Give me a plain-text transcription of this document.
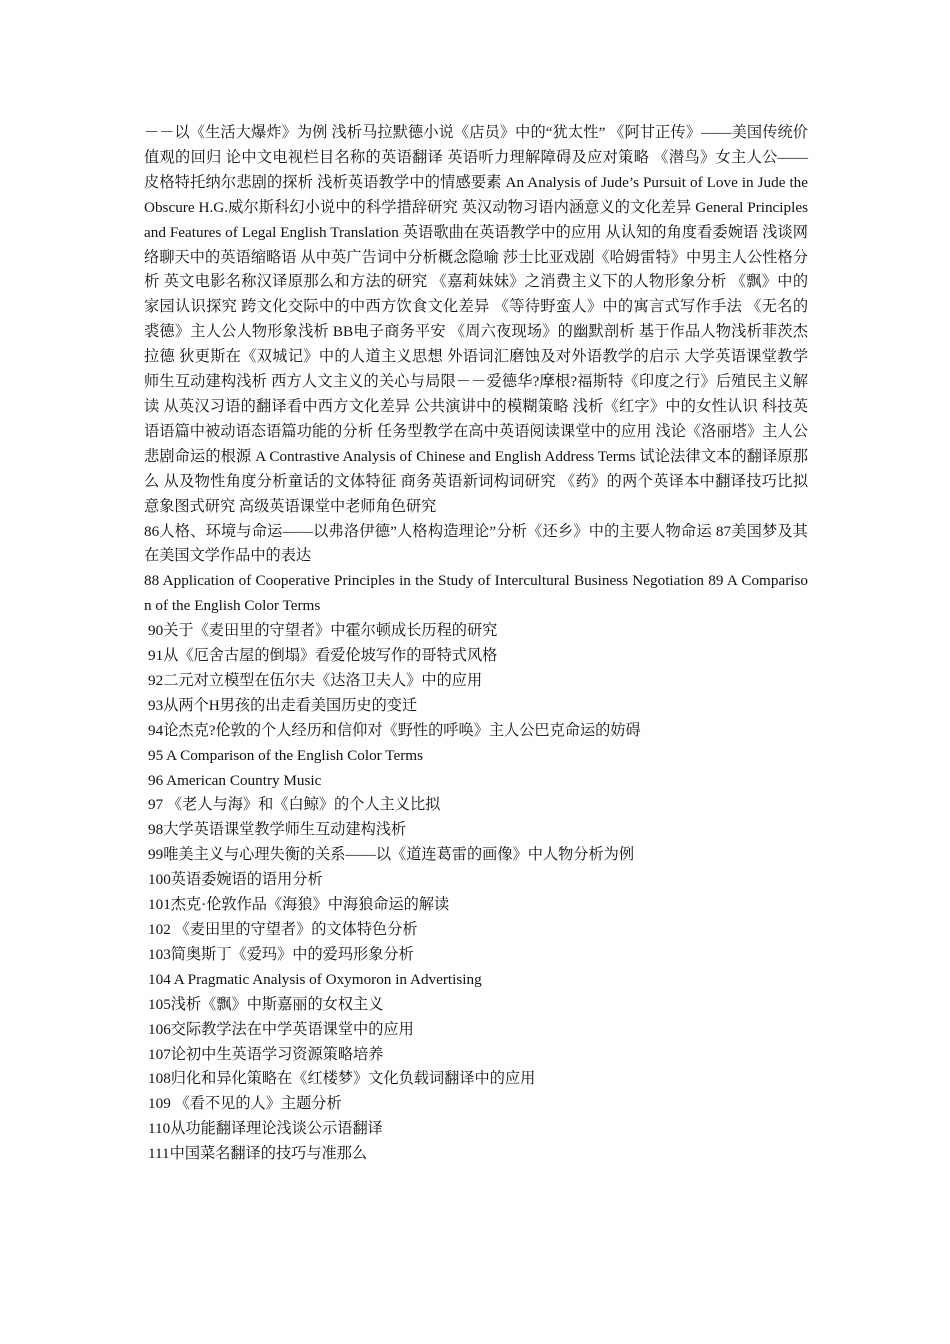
－－以《生活大爆炸》为例 浅析马拉默德小说《店员》中的“犹太性” 《阿甘正传》——美国传统价值观的回归 论中文电视栏目名称的英语翻译 英语听力理解障碍及应对策略 《潜鸟》女主人公——皮格特托纳尔悲剧的探析 浅析英语教学中的情感要素 An Analysis of Jude’s Pursuit of Love in Jude the Obscure H.G.威尔斯科幻小说中的科学措辞研究 英汉动物习语内涵意义的文化差异 General Principles and Features of Legal English Translation 英语歌曲在英语教学中的应用 从认知的角度看委婉语 浅谈网络聊天中的英语缩略语 从中英广告词中分析概念隐喻 莎士比亚戏剧《哈姆雷特》中男主人公性格分析 英文电影名称汉译原那么和方法的研究 《嘉莉妹妹》之消费主义下的人物形象分析 《飘》中的家园认识探究 跨文化交际中的中西方饮食文化差异 《等待野蛮人》中的寓言式写作手法 《无名的裘德》主人公人物形象浅析 BB电子商务平安 《周六夜现场》的幽默剖析 基于作品人物浅析菲茨杰拉德 狄更斯在《双城记》中的人道主义思想 外语词汇磨蚀及对外语教学的启示 大学英语课堂教学师生互动建构浅析 西方人文主义的关心与局限－－爱德华?摩根?福斯特《印度之行》后殖民主义解读 从英汉习语的翻译看中西方文化差异 公共演讲中的模糊策略 浅析《红字》中的女性认识 科技英语语篇中被动语态语篇功能的分析 任务型教学在高中英语阅读课堂中的应用 浅论《洛丽塔》主人公悲剧命运的根源 A Contrastive Analysis of Chinese and English Address Terms 试论法律文本的翻译原那么 从及物性角度分析童话的文体特征 商务英语新词构词研究 《药》的两个英译本中翻译技巧比拟 意象图式研究 高级英语课堂中老师角色研究

86人格、环境与命运——以弗洛伊德”人格构造理论”分析《还乡》中的主要人物命运 87美国梦及其在美国文学作品中的表达

88 Application of Cooperative Principles in the Study of Intercultural Business Negotiation 89 A Comparison of the English Color Terms

90关于《麦田里的守望者》中霍尔顿成长历程的研究

91从《厄舍古屋的倒塌》看爱伦坡写作的哥特式风格

92二元对立模型在伍尔夫《达洛卫夫人》中的应用

93从两个H男孩的出走看美国历史的变迁

94论杰克?伦敦的个人经历和信仰对《野性的呼唤》主人公巴克命运的妨碍

95 A Comparison of the English Color Terms

96 American Country Music

97 《老人与海》和《白鲸》的个人主义比拟

98大学英语课堂教学师生互动建构浅析

99唯美主义与心理失衡的关系——以《道连葛雷的画像》中人物分析为例

100英语委婉语的语用分析

101杰克·伦敦作品《海狼》中海狼命运的解读

102 《麦田里的守望者》的文体特色分析

103简奥斯丁《爱玛》中的爱玛形象分析

104 A Pragmatic Analysis of Oxymoron in Advertising

105浅析《飘》中斯嘉丽的女权主义

106交际教学法在中学英语课堂中的应用

107论初中生英语学习资源策略培养

108归化和异化策略在《红楼梦》文化负载词翻译中的应用

109 《看不见的人》主题分析

110从功能翻译理论浅谈公示语翻译

111中国菜名翻译的技巧与准那么
